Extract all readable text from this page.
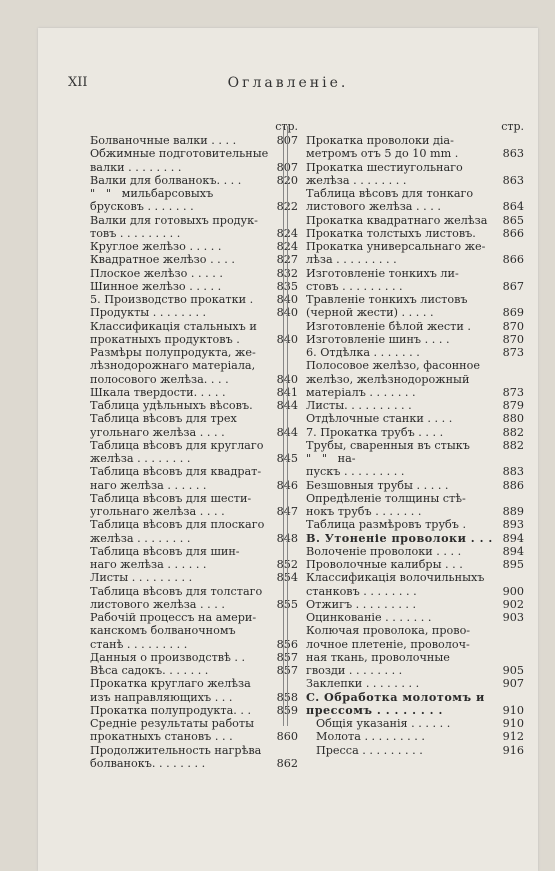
XII	Оглавленіе.
стр.
Болваночные валки . . . .	807
Обжимные подготовительные
валки . . . . . . . .	807
Валки для болванокъ. . . .	820
"   "   мильбарсовыхъ
брусковъ . . . . . . .	822
Валки для готовыхъ продук-
товъ . . . . . . . . .	824
Круглое желѣзо . . . . .	824
Квадратное желѣзо . . . .	827
Плоское желѣзо . . . . .	832
Шинное желѣзо . . . . .	835
5. Производство прокатки .	840
Продукты . . . . . . . .	840
Классификація стальныхъ и
прокатныхъ продуктовъ .	840
Размѣры полупродукта, же-
лѣзнодорожнаго матеріала,
полосового желѣза. . . .	840
Шкала твердости. . . . .	841
Таблица удѣльныхъ вѣсовъ.	844
Таблица вѣсовъ для трех
угольнаго желѣза . . . .	844
Таблица вѣсовъ для круглаго
желѣза . . . . . . . .	845
Таблица вѣсовъ для квадрат-
наго желѣза . . . . . .	846
Таблица вѣсовъ для шести-
угольнаго желѣза . . . .	847
Таблица вѣсовъ для плоскаго
желѣза . . . . . . . .	848
Таблица вѣсовъ для шин-
наго желѣза . . . . . .	852
Листы . . . . . . . . .	854
Таблица вѣсовъ для толстаго
листового желѣза . . . .	855
Рабочій процессъ на амери-
канскомъ болваночномъ
станѣ . . . . . . . . .	856
Данныя о производствѣ . .	857
Вѣса садокъ. . . . . . .	857
Прокатка круглаго желѣза
изъ направляющихъ . . .	858
Прокатка полупродукта. . .	859
Средніе результаты работы
прокатныхъ становъ . . .	860
Продолжительность нагрѣва
болванокъ. . . . . . . .	862
стр.
Прокатка проволоки діа-
метромъ отъ 5 до 10 mm .	863
Прокатка шестиугольнаго
желѣза . . . . . . . .	863
Таблица вѣсовъ для тонкаго
листового желѣза . . . .	864
Прокатка квадратнаго желѣза	865
Прокатка толстыхъ листовъ.	866
Прокатка универсальнаго же-
лѣза . . . . . . . . .	866
Изготовленіе тонкихъ ли-
стовъ . . . . . . . . .	867
Травленіе тонкихъ листовъ
(черной жести) . . . . .	869
Изготовленіе бѣлой жести .	870
Изготовленіе шинъ . . . .	870
6. Отдѣлка . . . . . . .	873
Полосовое желѣзо, фасонное
желѣзо, желѣзнодорожный
матеріалъ . . . . . . .	873
Листы. . . . . . . . . .	879
Отдѣлочные станки . . . .	880
7. Прокатка трубъ . . . .	882
Трубы, сваренныя въ стыкъ	882
"   "   на-
пускъ . . . . . . . . .	883
Безшовныя трубы . . . . .	886
Опредѣленіе толщины стѣ-
нокъ трубъ . . . . . . .	889
Таблица размѣровъ трубъ .	893
B. Утоненіе проволоки . . . 894
Волоченіе проволоки . . . .	894
Проволочные калибры . . .	895
Классификація волочильныхъ
станковъ . . . . . . . .	900
Отжигъ . . . . . . . . .	902
Оцинкованіе . . . . . . .	903
Колючая проволока, прово-
лочное плетеніе, проволоч-
ная ткань, проволочные
гвозди . . . . . . . .	905
Заклепки . . . . . . . .	907
C. Обработка молотомъ и
прессомъ . . . . . . . .	910
Общія указанія . . . . . .	910
Молота . . . . . . . . .	912
Пресса . . . . . . . . .	916
